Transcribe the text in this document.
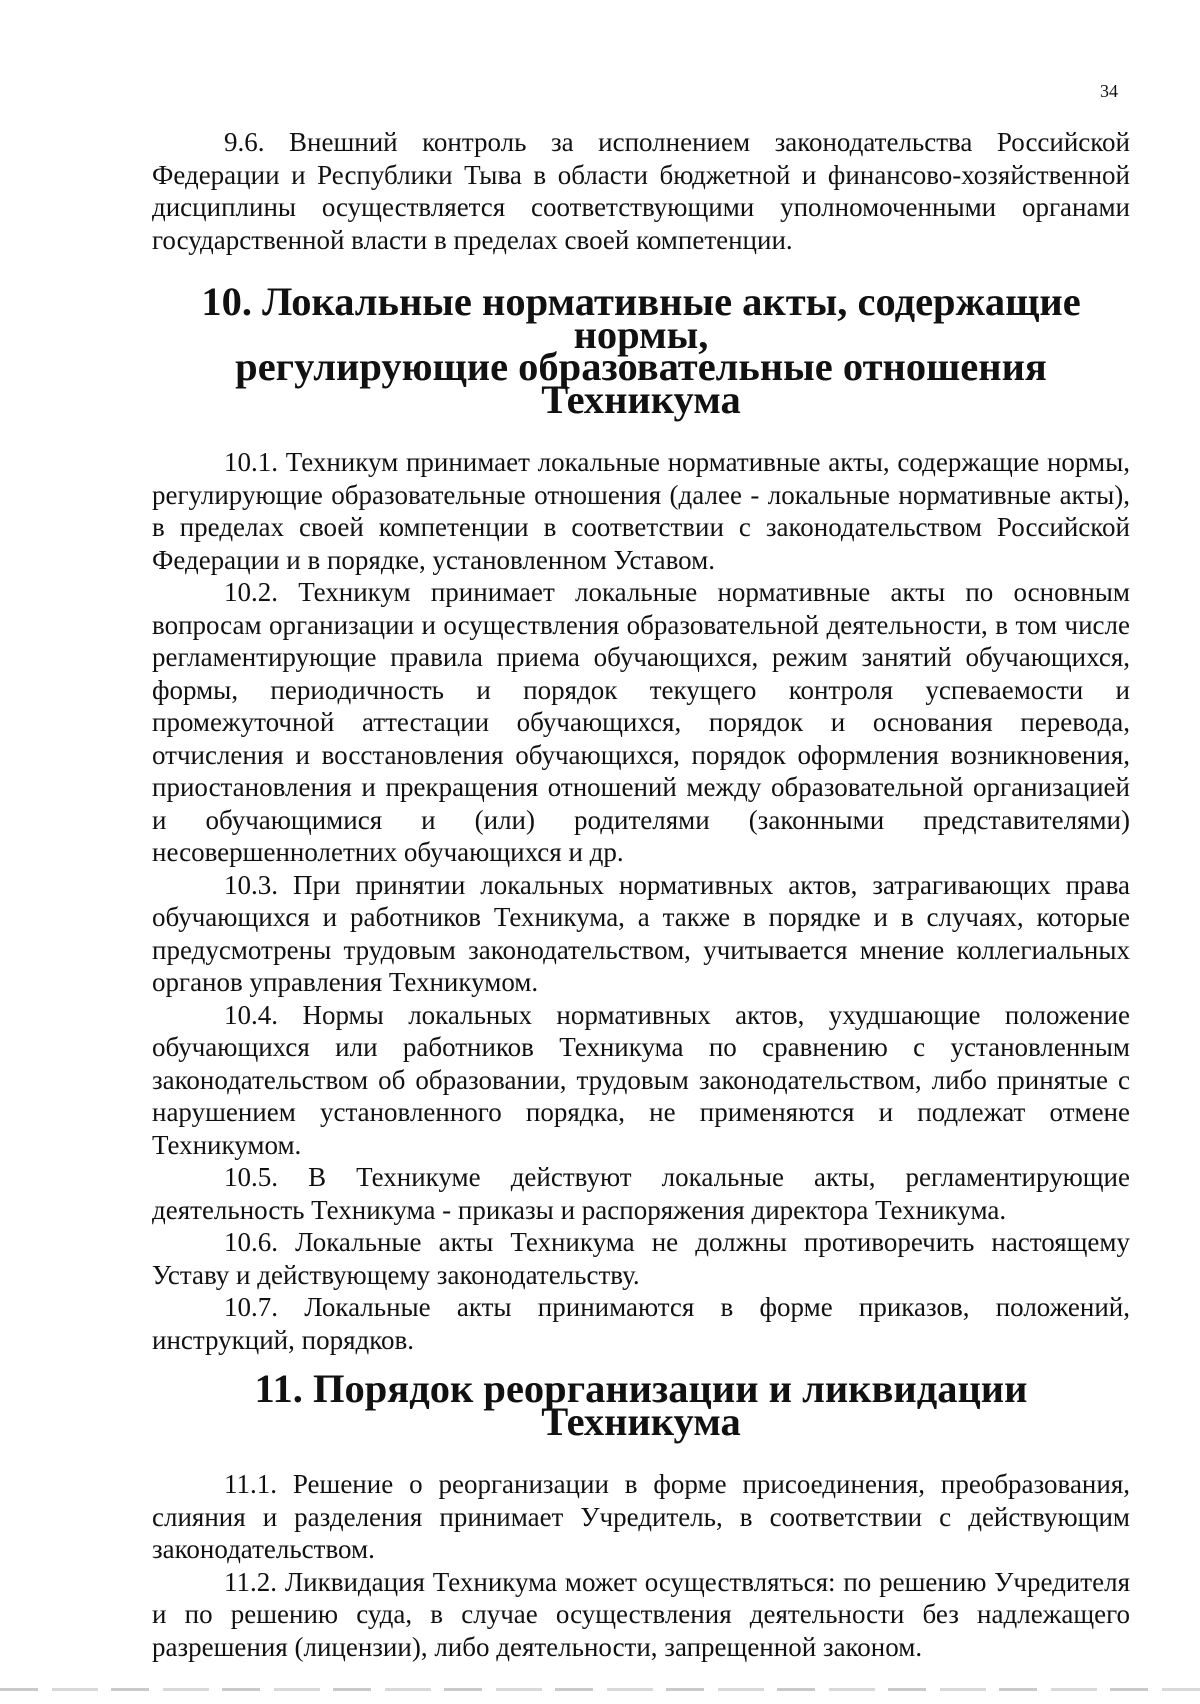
34

9.6. Внешний контроль за исполнением законодательства Российской Федерации и Республики Тыва в области бюджетной и финансово-хозяйственной дисциплины осуществляется соответствующими уполномоченными органами государственной власти в пределах своей компетенции.

10. Локальные нормативные акты, содержащие нормы,
регулирующие образовательные отношения Техникума

10.1. Техникум принимает локальные нормативные акты, содержащие нормы, регулирующие образовательные отношения (далее - локальные нормативные акты), в пределах своей компетенции в соответствии с законодательством Российской Федерации и в порядке, установленном Уставом.

10.2. Техникум принимает локальные нормативные акты по основным вопросам организации и осуществления образовательной деятельности, в том числе регламентирующие правила приема обучающихся, режим занятий обучающихся, формы, периодичность и порядок текущего контроля успеваемости и промежуточной аттестации обучающихся, порядок и основания перевода, отчисления и восстановления обучающихся, порядок оформления возникновения, приостановления и прекращения отношений между образовательной организацией и обучающимися и (или) родителями (законными представителями) несовершеннолетних обучающихся и др.

10.3. При принятии локальных нормативных актов, затрагивающих права обучающихся и работников Техникума, а также в порядке и в случаях, которые предусмотрены трудовым законодательством, учитывается мнение коллегиальных органов управления Техникумом.

10.4. Нормы локальных нормативных актов, ухудшающие положение обучающихся или работников Техникума по сравнению с установленным законодательством об образовании, трудовым законодательством, либо принятые с нарушением установленного порядка, не применяются и подлежат отмене Техникумом.

10.5. В Техникуме действуют локальные акты, регламентирующие деятельность Техникума - приказы и распоряжения директора Техникума.

10.6. Локальные акты Техникума не должны противоречить настоящему Уставу и действующему законодательству.

10.7. Локальные акты принимаются в форме приказов, положений, инструкций, порядков.

11. Порядок реорганизации и ликвидации Техникума

11.1. Решение о реорганизации в форме присоединения, преобразования, слияния и разделения принимает Учредитель, в соответствии с действующим законодательством.

11.2. Ликвидация Техникума может осуществляться: по решению Учредителя и по решению суда, в случае осуществления деятельности без надлежащего разрешения (лицензии), либо деятельности, запрещенной законом.
